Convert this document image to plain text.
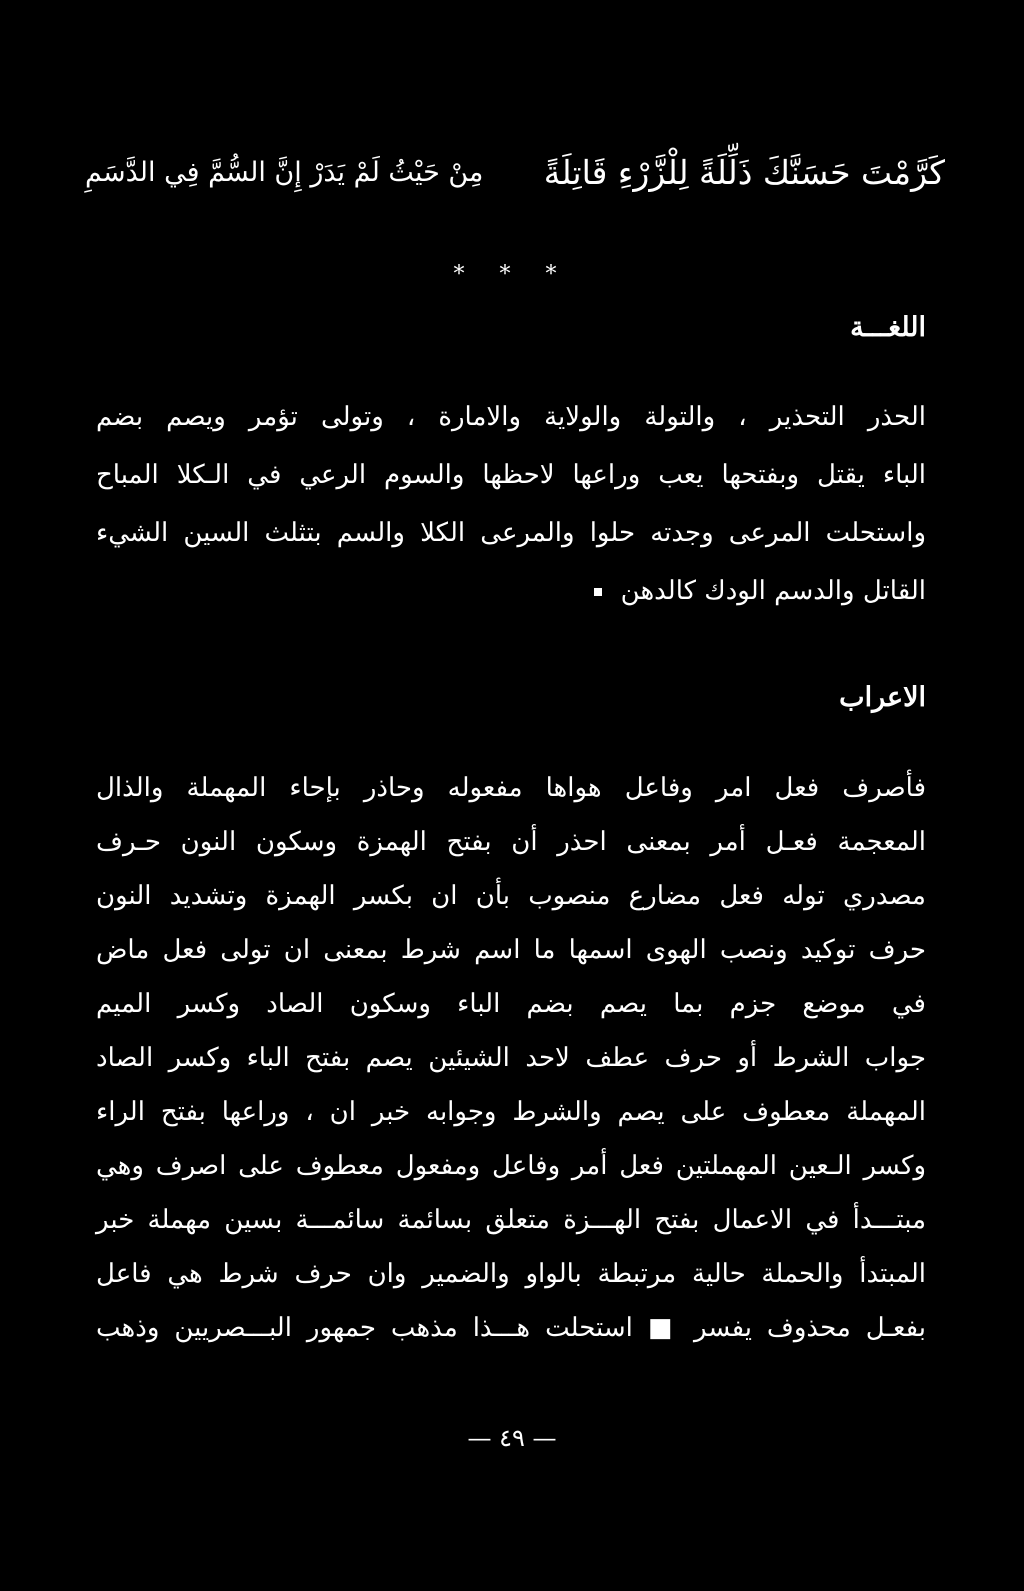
كَرَّمْتَ حَسَنَّكَ ذَلِّلَةً لِلْزَّرْءِ قَاتِلَةً
مِنْ حَيْثُ لَمْ يَدَرْ إِنَّ السُّمَّ فِي الدَّسَمِ
* * *
اللغـــة
الحذر التحذير ، والتولة والولاية والامارة ، وتولى تؤمر ويصم بضم
الباء يقتل وبفتحها يعب وراعها لاحظها والسوم الرعي في الـكلا المباح
واستحلت المرعى وجدته حلوا والمرعى الكلا والسم بتثلث السين الشيء
القاتل والدسم الودك كالدهن
الاعراب
فأصرف فعل امر وفاعل هواها مفعوله وحاذر بإحاء المهملة والذال
المعجمة فعـل أمر بمعنى احذر أن بفتح الهمزة وسكون النون حـرف
مصدري توله فعل مضارع منصوب بأن ان بكسر الهمزة وتشديد النون
حرف توكيد ونصب الهوى اسمها ما اسم شرط بمعنى ان تولى فعل ماض
في موضع جزم بما يصم بضم الباء وسكون الصاد وكسر الميم
جواب الشرط أو حرف عطف لاحد الشيئين يصم بفتح الباء وكسر الصاد
المهملة معطوف على يصم والشرط وجوابه خبر ان ، وراعها بفتح الراء
وكسر الـعين المهملتين فعل أمر وفاعل ومفعول معطوف على اصرف وهي
مبتـــدأ في الاعمال بفتح الهـــزة متعلق بسائمة سائمـــة بسين مهملة خبر
المبتدأ والحملة حالية مرتبطة بالواو والضمير وان حرف شرط هي فاعل
بفعـل محذوف يفسر ■ استحلت هـــذا مذهب جمهور البـــصريين وذهب
— ٤٩ —
